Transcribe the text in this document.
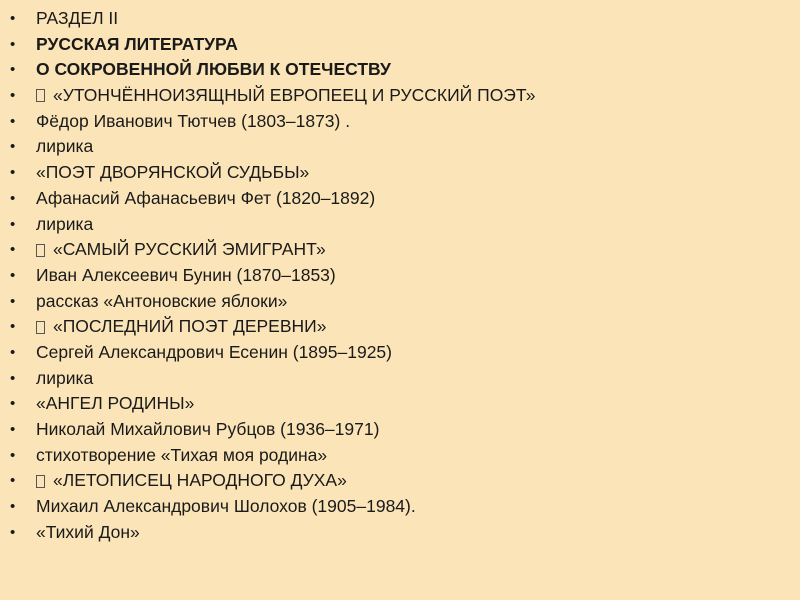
•	РАЗДЕЛ II
•	РУССКАЯ ЛИТЕРАТУРА
•	О СОКРОВЕННОЙ ЛЮБВИ К ОТЕЧЕСТВУ
•	«УТОНЧЁННОИЗЯЩНЫЙ ЕВРОПЕЕЦ И РУССКИЙ ПОЭТ»
•	Фёдор Иванович Тютчев (1803–1873) .
•	лирика
•	«ПОЭТ ДВОРЯНСКОЙ СУДЬБЫ»
•	Афанасий Афанасьевич Фет (1820–1892)
•	лирика
•	«САМЫЙ РУССКИЙ ЭМИГРАНТ»
•	Иван Алексеевич Бунин (1870–1853)
•	рассказ «Антоновские яблоки»
•	«ПОСЛЕДНИЙ ПОЭТ ДЕРЕВНИ»
•	Сергей Александрович Есенин (1895–1925)
•	лирика
•	«АНГЕЛ РОДИНЫ»
•	Николай Михайлович Рубцов (1936–1971)
•	стихотворение «Тихая моя родина»
•	«ЛЕТОПИСЕЦ НАРОДНОГО ДУХА»
•	Михаил Александрович Шолохов (1905–1984).
•	«Тихий Дон»
